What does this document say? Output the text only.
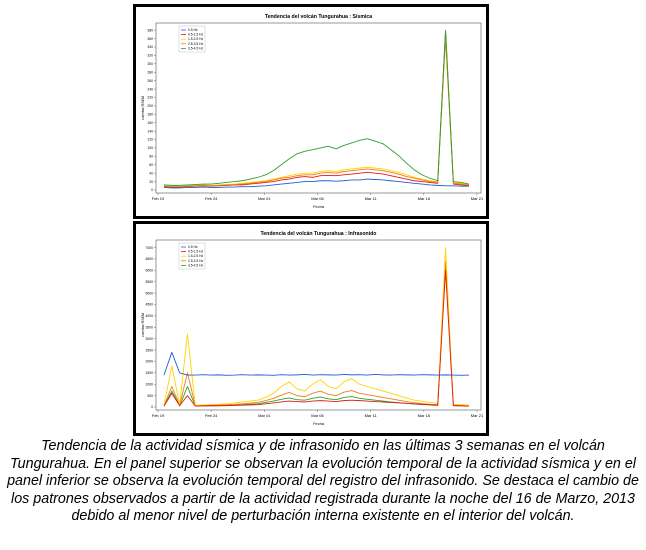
Tendencia del volcán Tungurahua : Sísmica
cuentas RSEM
0
20
40
60
80
100
120
140
160
180
200
220
240
260
280
300
320
340
360
380
Feb 19	Feb 24	Mar 01	Mar 06	Mar 11	Mar 16	Mar 21
Fecha
0-5 Hz
0.5-1.5 Hz
1.5-2.5 Hz
2.5-3.5 Hz
3.5-4.5 Hz
Tendencia del volcán Tungurahua : Infrasonido
cuentas RSEM
0
500
1000
1500
2000
2500
3000
3500
4000
4500
5000
5500
6000
6500
7000
Feb 19	Feb 24	Mar 01	Mar 06	Mar 11	Mar 16	Mar 21
Fecha
0-5 Hz
0.5-1.5 Hz
1.5-2.5 Hz
2.5-3.5 Hz
3.5-4.5 Hz
Tendencia de la actividad sísmica y de infrasonido en las últimas 3 semanas en el volcán Tungurahua. En el panel superior se observan la evolución temporal de la actividad sísmica y en el panel inferior se observa la evolución temporal del registro del infrasonido. Se destaca el cambio de los patrones observados a partir de la actividad registrada durante la noche del 16 de Marzo, 2013 debido al menor nivel de perturbación interna existente en el interior del volcán.
